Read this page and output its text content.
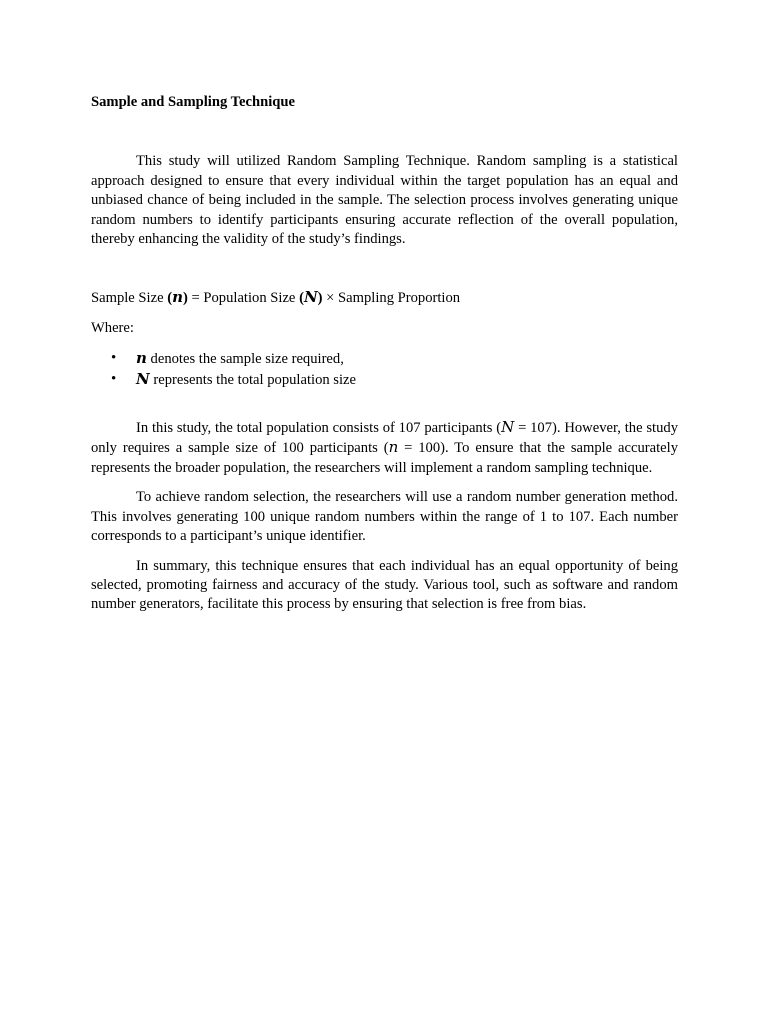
Sample and Sampling Technique

This study will utilized Random Sampling Technique. Random sampling is a statistical approach designed to ensure that every individual within the target population has an equal and unbiased chance of being included in the sample. The selection process involves generating unique random numbers to identify participants ensuring accurate reflection of the overall population, thereby enhancing the validity of the study’s findings.

Sample Size (n) = Population Size (N) × Sampling Proportion

Where:

• n denotes the sample size required,
• N represents the total population size

In this study, the total population consists of 107 participants (N = 107). However, the study only requires a sample size of 100 participants (n = 100). To ensure that the sample accurately represents the broader population, the researchers will implement a random sampling technique.

To achieve random selection, the researchers will use a random number generation method. This involves generating 100 unique random numbers within the range of 1 to 107. Each number corresponds to a participant’s unique identifier.

In summary, this technique ensures that each individual has an equal opportunity of being selected, promoting fairness and accuracy of the study. Various tool, such as software and random number generators, facilitate this process by ensuring that selection is free from bias.
